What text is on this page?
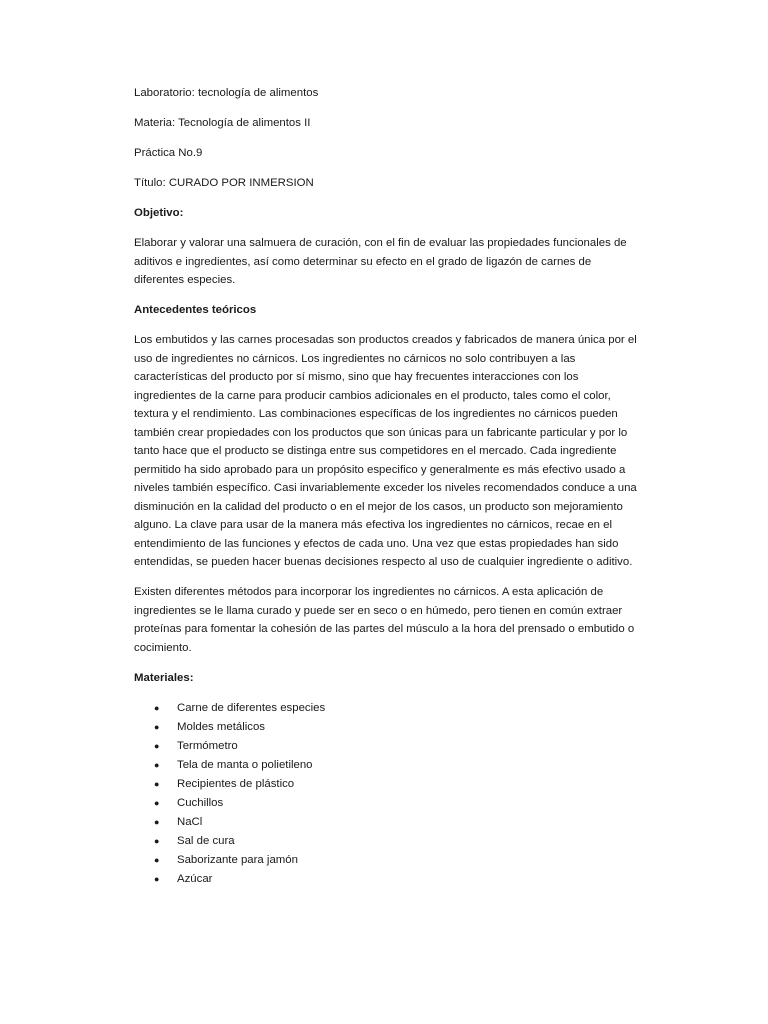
Laboratorio: tecnología de alimentos

Materia: Tecnología de alimentos II

Práctica No.9

Título: CURADO POR INMERSION

Objetivo:

Elaborar y valorar una salmuera de curación, con el fin de evaluar las propiedades funcionales de aditivos e ingredientes, así como determinar su efecto en el grado de ligazón de carnes de diferentes especies.

Antecedentes teóricos

Los embutidos y las carnes procesadas son productos creados y fabricados de manera única por el uso de ingredientes no cárnicos. Los ingredientes no cárnicos no solo contribuyen a las características del producto por sí mismo, sino que hay frecuentes interacciones con los ingredientes de la carne para producir cambios adicionales en el producto, tales como el color, textura y el rendimiento. Las combinaciones específicas de los ingredientes no cárnicos pueden también crear propiedades con los productos que son únicas para un fabricante particular y por lo tanto hace que el producto se distinga entre sus competidores en el mercado. Cada ingrediente permitido ha sido aprobado para un propósito especifico y generalmente es más efectivo usado a niveles también específico. Casi invariablemente exceder los niveles recomendados conduce a una disminución en la calidad del producto o en el mejor de los casos, un producto son mejoramiento alguno. La clave para usar de la manera más efectiva los ingredientes no cárnicos, recae en el entendimiento de las funciones y efectos de cada uno. Una vez que estas propiedades han sido entendidas, se pueden hacer buenas decisiones respecto al uso de cualquier ingrediente o aditivo.

Existen diferentes métodos para incorporar los ingredientes no cárnicos. A esta aplicación de ingredientes se le llama curado y puede ser en seco o en húmedo, pero tienen en común extraer proteínas para fomentar la cohesión de las partes del músculo a la hora del prensado o embutido o cocimiento.

Materiales:

● Carne de diferentes especies
● Moldes metálicos
● Termómetro
● Tela de manta o polietileno
● Recipientes de plástico
● Cuchillos
● NaCl
● Sal de cura
● Saborizante para jamón
● Azúcar
